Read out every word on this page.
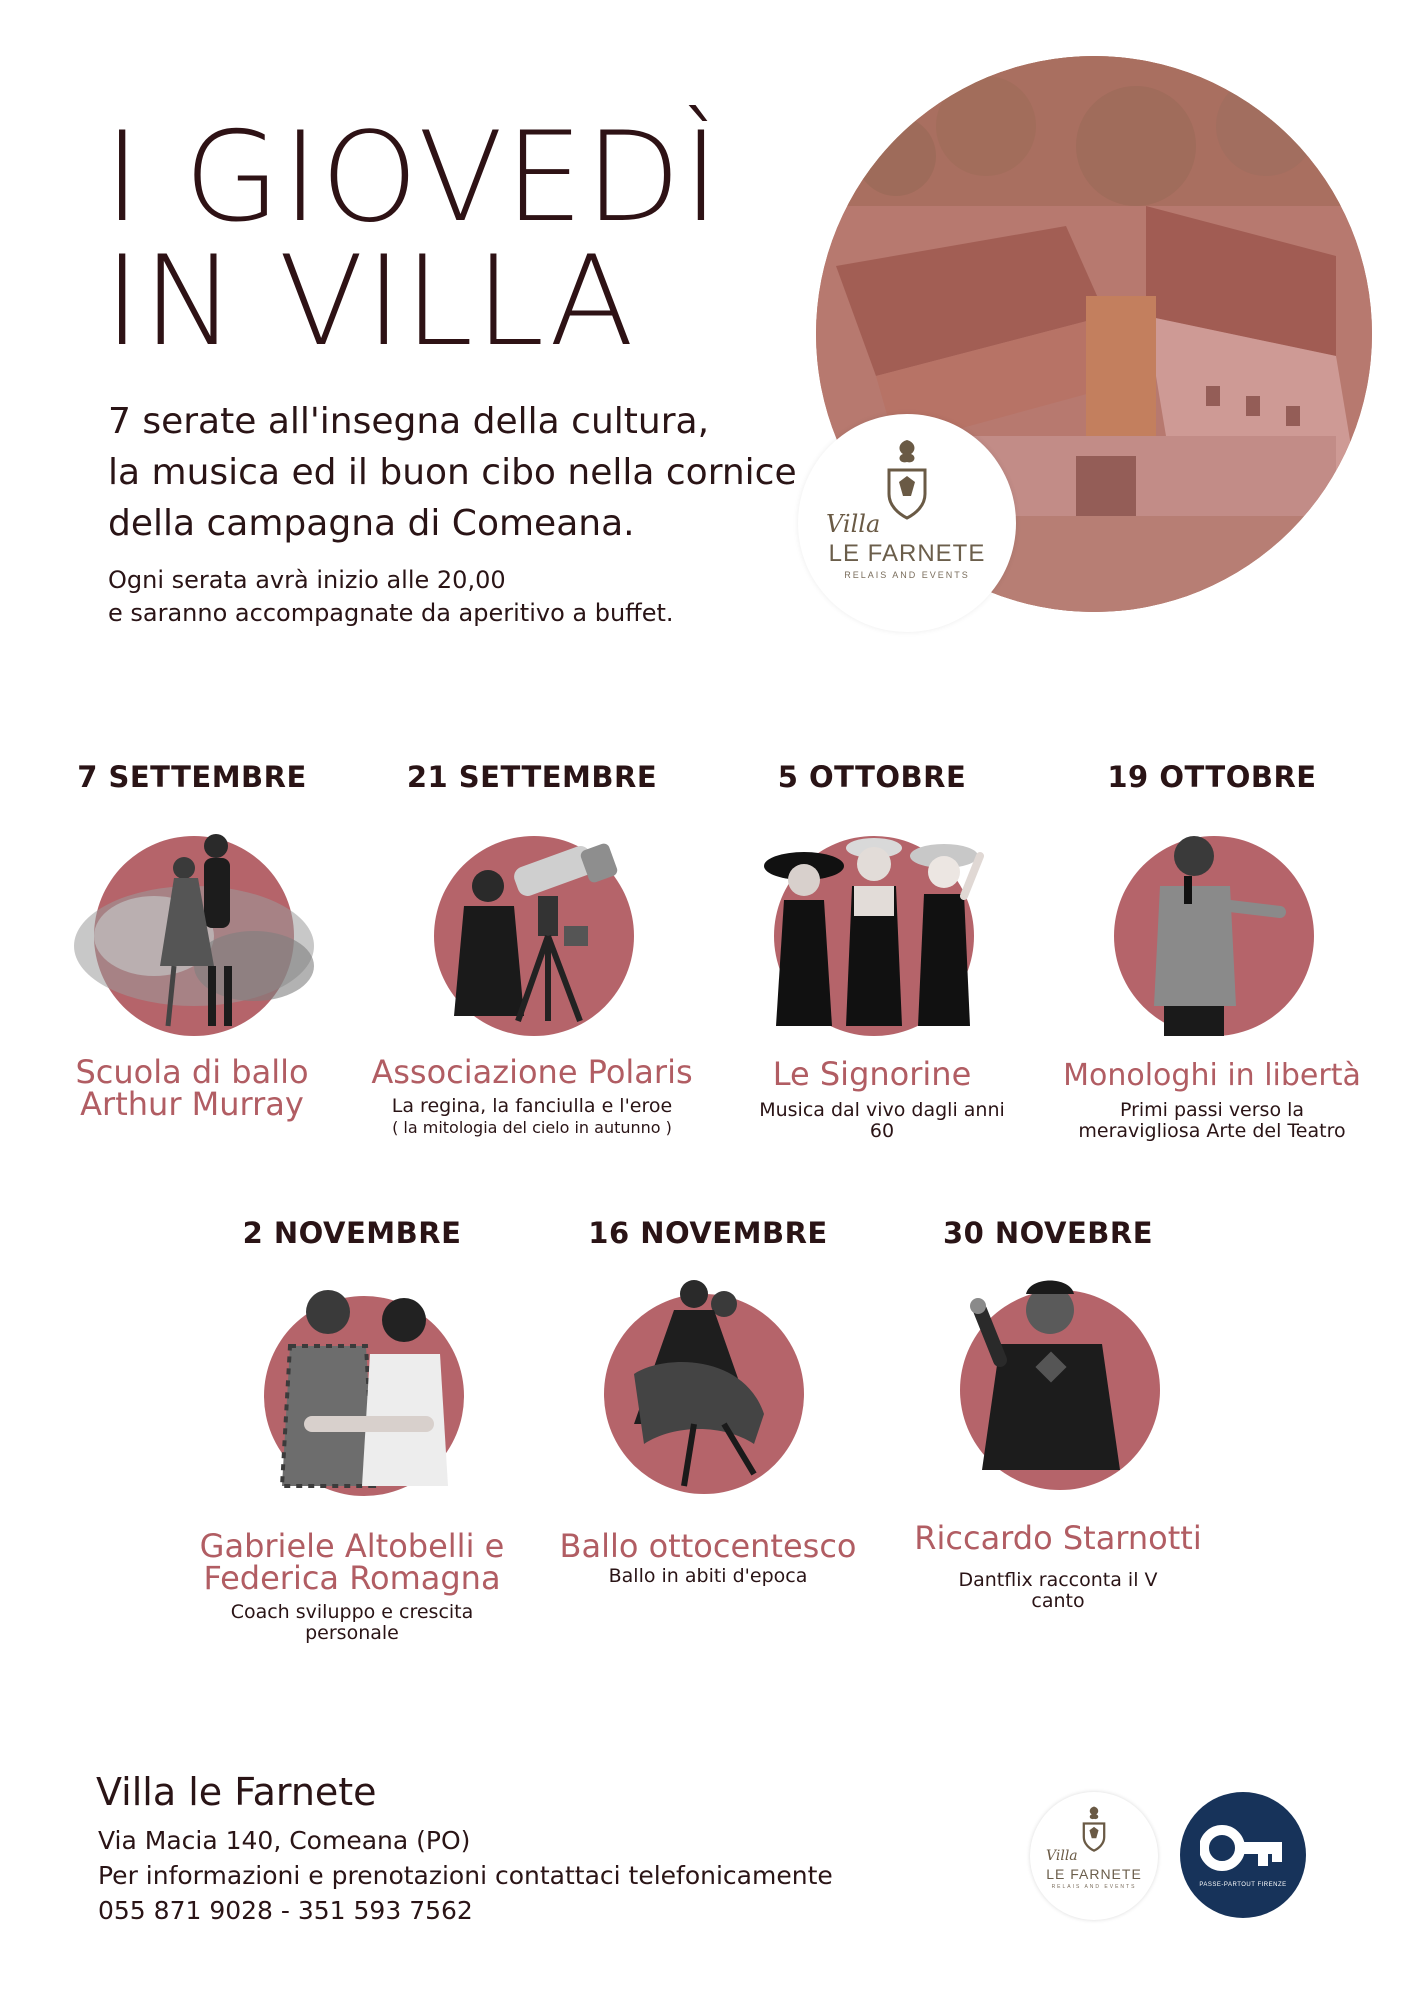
I GIOVEDÌ
IN VILLA
7 serate all'insegna della cultura,
la musica ed il buon cibo nella cornice
della campagna di Comeana.
Ogni serata avrà inizio alle 20,00
e saranno accompagnate da aperitivo a buffet.
Villa
LE FARNETE
RELAIS AND EVENTS
7 SETTEMBRE
Scuola di ballo
Arthur Murray
21 SETTEMBRE
Associazione Polaris
La regina, la fanciulla e l'eroe
( la mitologia del cielo in autunno )
5 OTTOBRE
Le Signorine
Musica dal vivo dagli anni
60
19 OTTOBRE
Monologhi in libertà
Primi passi verso la
meravigliosa Arte del Teatro
2 NOVEMBRE
Gabriele Altobelli e
Federica Romagna
Coach sviluppo e crescita
personale
16 NOVEMBRE
Ballo ottocentesco
Ballo in abiti d'epoca
30 NOVEBRE
Riccardo Starnotti
Dantflix racconta il V
canto
Villa le Farnete
Via Macia 140, Comeana (PO)
Per informazioni e prenotazioni contattaci telefonicamente
055 871 9028 - 351 593 7562
Villa
LE FARNETE
RELAIS AND EVENTS	PASSE-PARTOUT FIRENZE
